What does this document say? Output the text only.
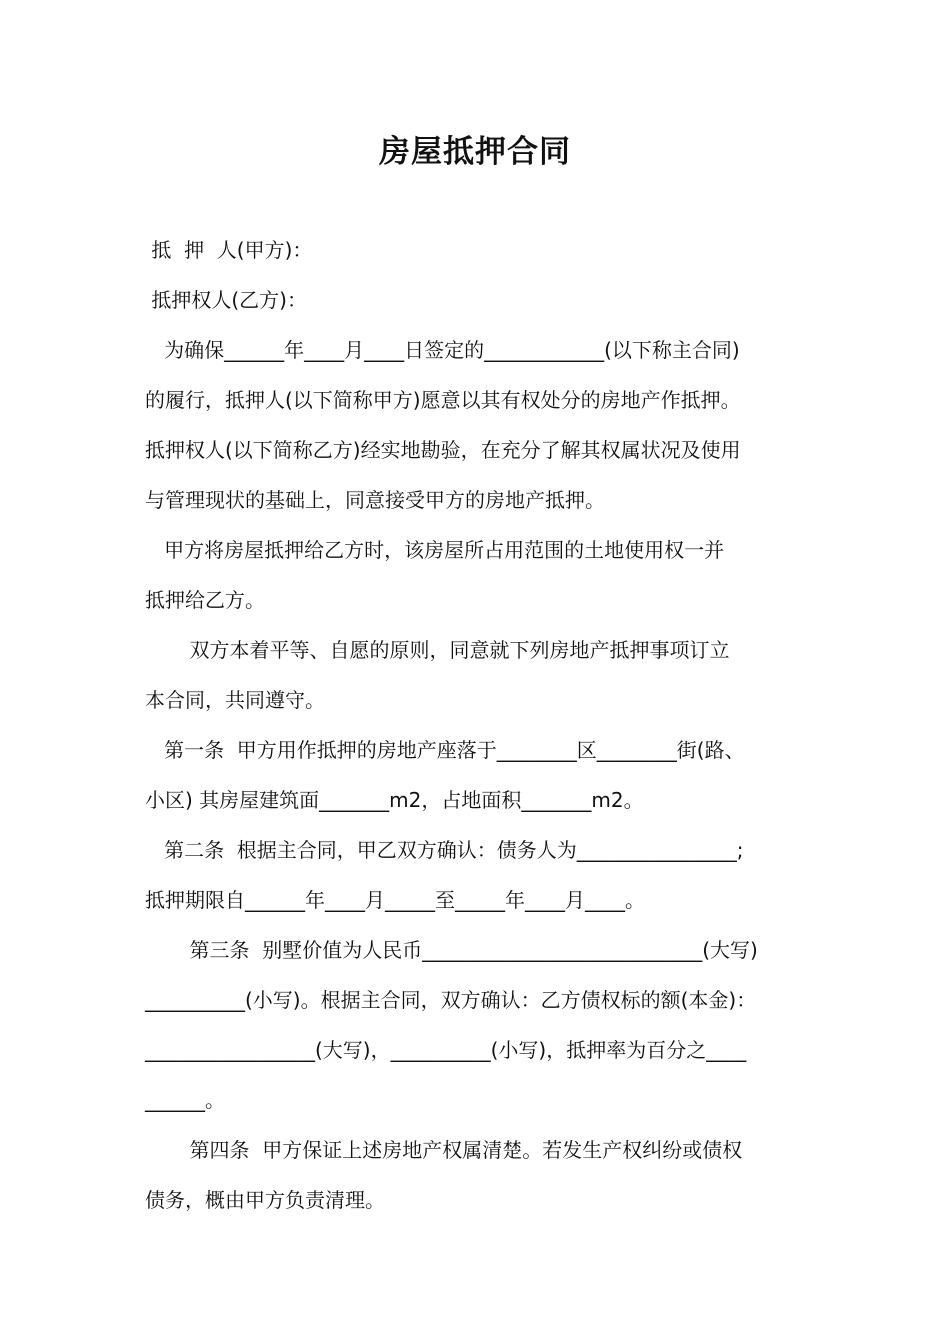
房屋抵押合同

抵  押  人(甲方)：

抵押权人(乙方)：

为确保______年____月____日签定的____________(以下称主合同)

的履行，抵押人(以下简称甲方)愿意以其有权处分的房地产作抵押。

抵押权人(以下简称乙方)经实地勘验，在充分了解其权属状况及使用

与管理现状的基础上，同意接受甲方的房地产抵押。

甲方将房屋抵押给乙方时，该房屋所占用范围的土地使用权一并

抵押给乙方。

双方本着平等、自愿的原则，同意就下列房地产抵押事项订立

本合同，共同遵守。

第一条  甲方用作抵押的房地产座落于________区________街(路、

小区) 其房屋建筑面_______m2，占地面积_______m2。

第二条  根据主合同，甲乙双方确认：债务人为________________;

抵押期限自______年____月_____至_____年____月____。

第三条  别墅价值为人民币____________________________(大写)

__________(小写)。根据主合同，双方确认：乙方债权标的额(本金)：

_________________(大写)，__________(小写)，抵押率为百分之____

______。

第四条  甲方保证上述房地产权属清楚。若发生产权纠纷或债权

债务，概由甲方负责清理。
